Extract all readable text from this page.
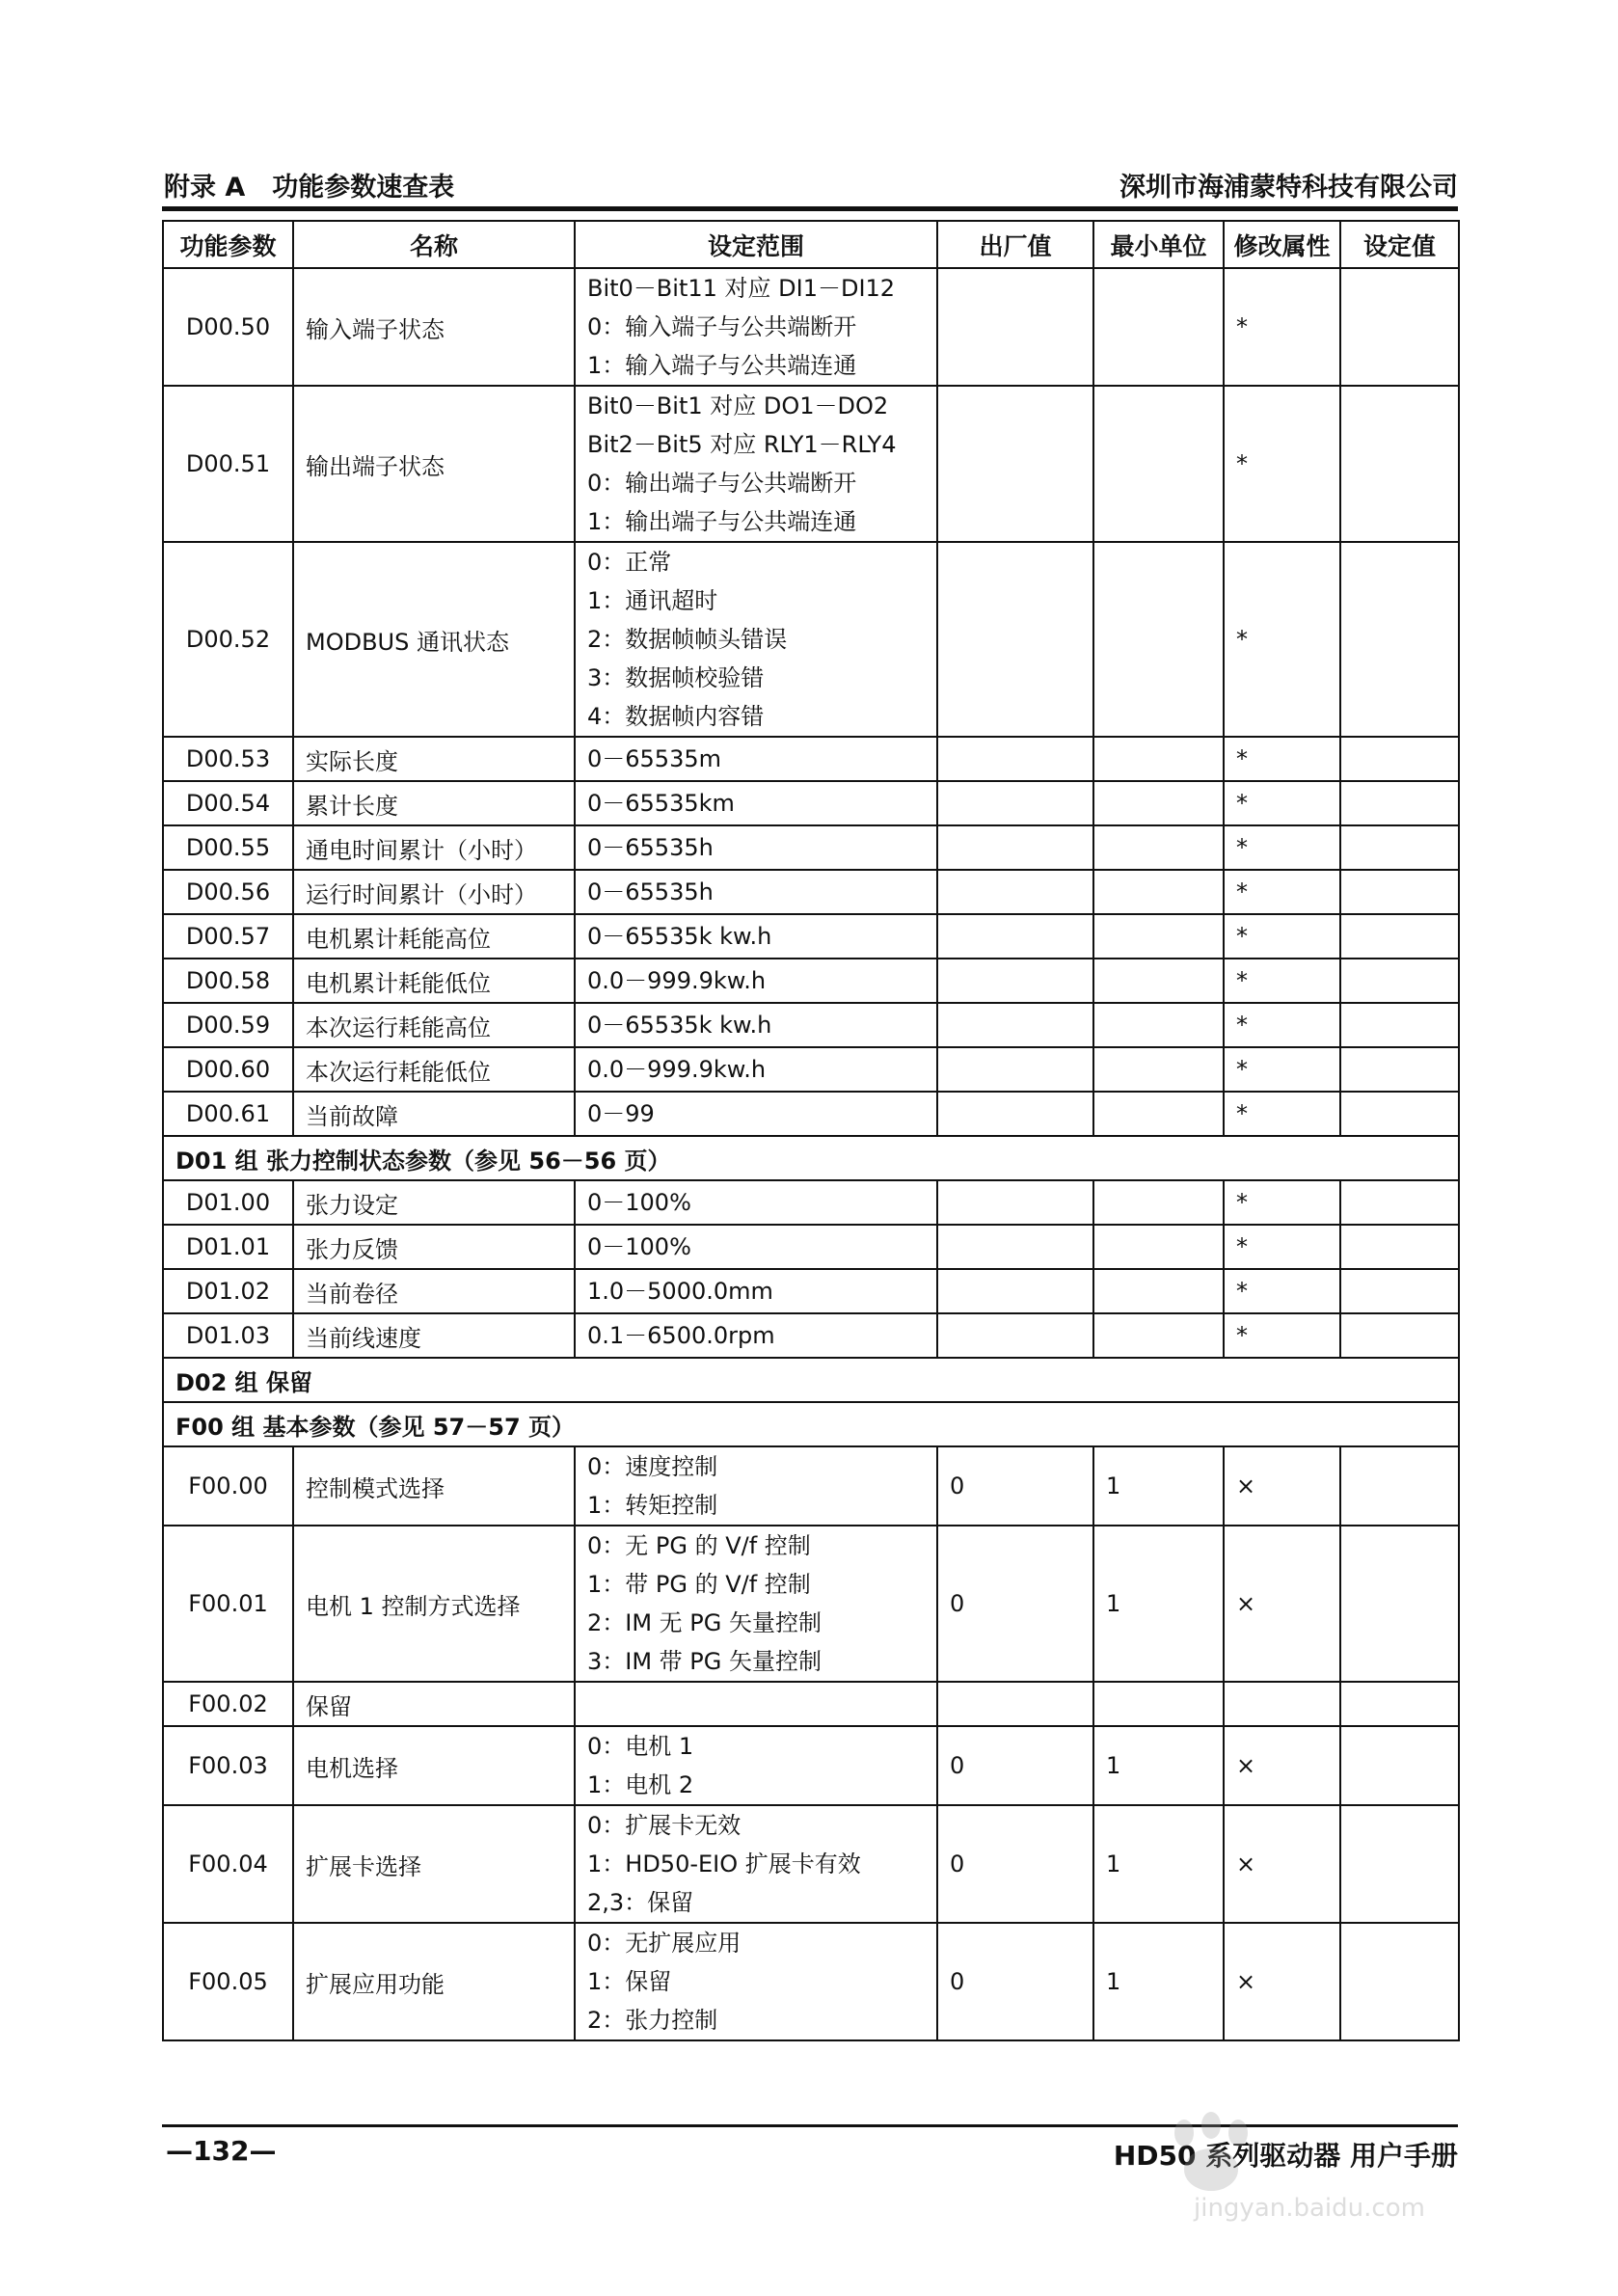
附录 A 功能参数速查表	深圳市海浦蒙特科技有限公司
功能参数	名称	设定范围	出厂值	最小单位	修改属性	设定值
D00.50	输入端子状态	Bit0－Bit11 对应 DI1－DI12
0：输入端子与公共端断开
1：输入端子与公共端连通			*	
D00.51	输出端子状态	Bit0－Bit1 对应 DO1－DO2
Bit2－Bit5 对应 RLY1－RLY4
0：输出端子与公共端断开
1：输出端子与公共端连通			*	
D00.52	MODBUS 通讯状态	0：正常
1：通讯超时
2：数据帧帧头错误
3：数据帧校验错
4：数据帧内容错			*	
D00.53	实际长度	0－65535m			*	
D00.54	累计长度	0－65535km			*	
D00.55	通电时间累计（小时）	0－65535h			*	
D00.56	运行时间累计（小时）	0－65535h			*	
D00.57	电机累计耗能高位	0－65535k kw.h			*	
D00.58	电机累计耗能低位	0.0－999.9kw.h			*	
D00.59	本次运行耗能高位	0－65535k kw.h			*	
D00.60	本次运行耗能低位	0.0－999.9kw.h			*	
D00.61	当前故障	0－99			*	
D01 组 张力控制状态参数（参见 56－56 页）						
D01.00	张力设定	0－100%			*	
D01.01	张力反馈	0－100%			*	
D01.02	当前卷径	1.0－5000.0mm			*	
D01.03	当前线速度	0.1－6500.0rpm			*	
D02 组 保留						
F00 组 基本参数（参见 57－57 页）						
F00.00	控制模式选择	0：速度控制
1：转矩控制	0	1	×	
F00.01	电机 1 控制方式选择	0：无 PG 的 V/f 控制
1：带 PG 的 V/f 控制
2：IM 无 PG 矢量控制
3：IM 带 PG 矢量控制	0	1	×	
F00.02	保留					
F00.03	电机选择	0：电机 1
1：电机 2	0	1	×	
F00.04	扩展卡选择	0：扩展卡无效
1：HD50-EIO 扩展卡有效
2,3：保留	0	1	×	
F00.05	扩展应用功能	0：无扩展应用
1：保留
2：张力控制	0	1	×	
—132—	HD50 系列驱动器 用户手册
jingyan.baidu.com
